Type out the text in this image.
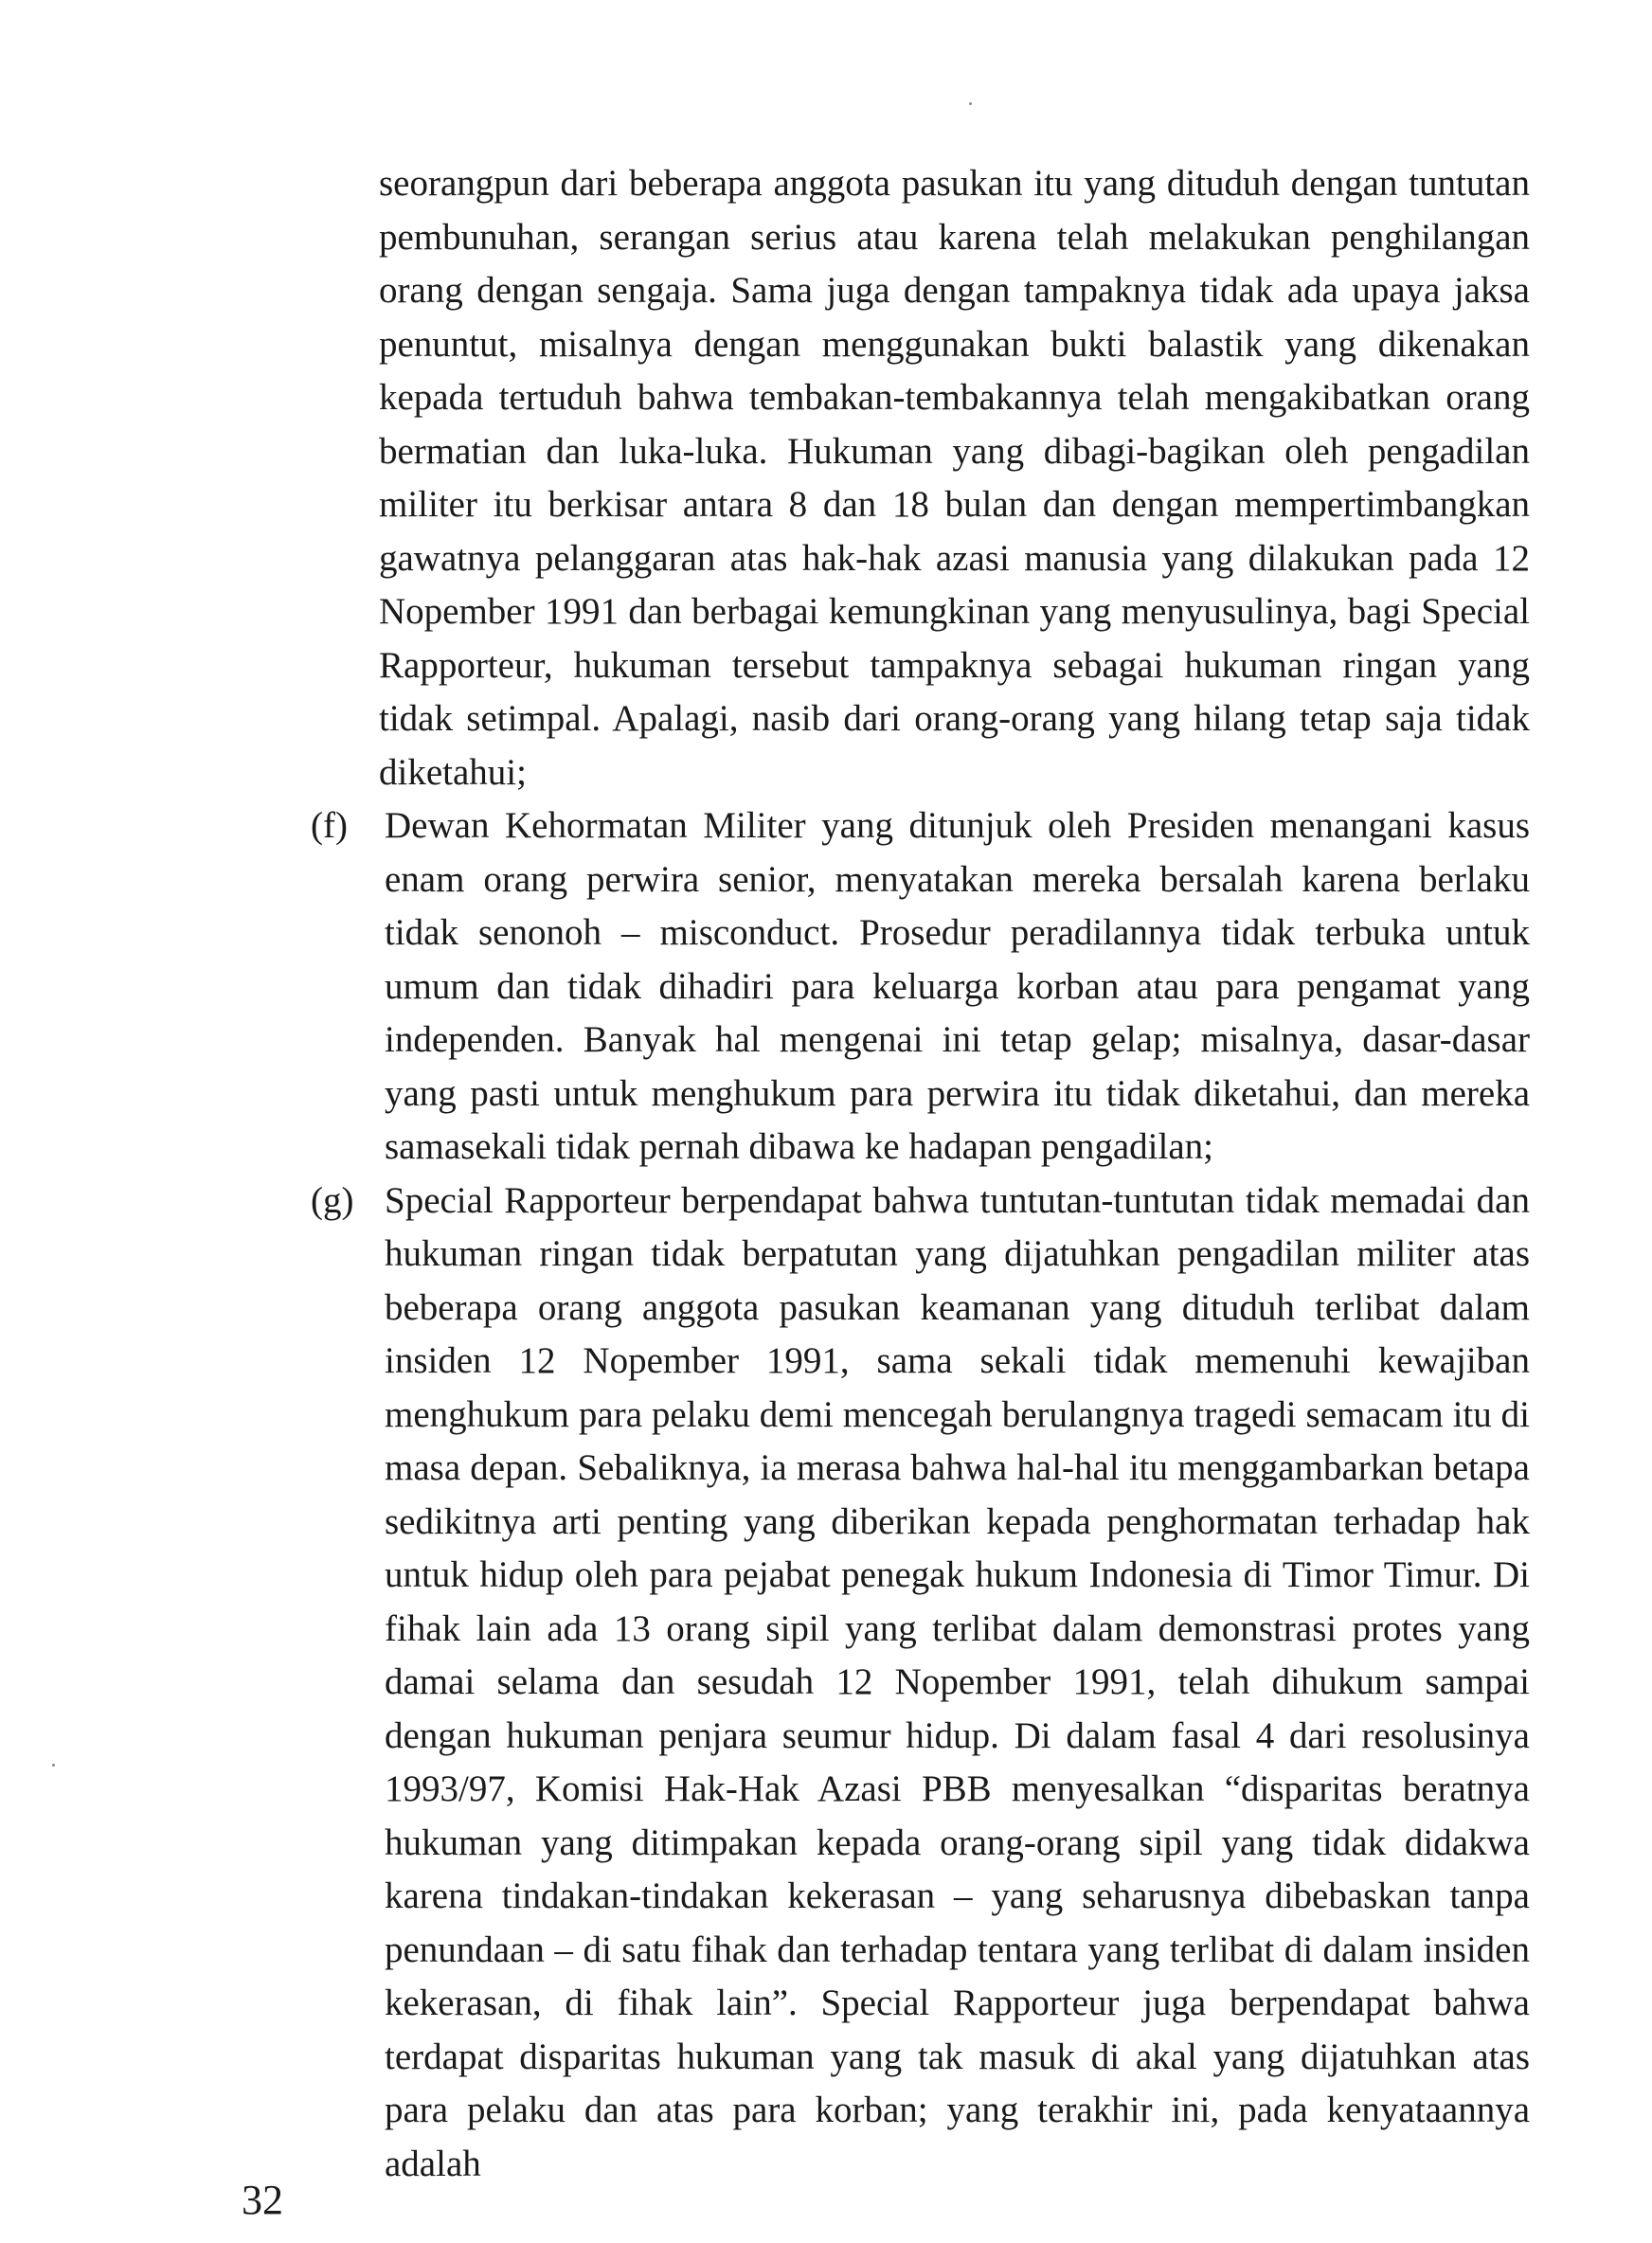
seorangpun dari beberapa anggota pasukan itu yang dituduh dengan tuntutan pembunuhan, serangan serius atau karena telah melakukan penghilangan orang dengan sengaja. Sama juga dengan tampaknya tidak ada upaya jaksa penuntut, misalnya dengan menggunakan bukti balastik yang dikenakan kepada tertuduh bahwa tembakan-tembakannya telah mengakibatkan orang bermatian dan luka-luka. Hukuman yang dibagi-bagikan oleh pengadilan militer itu berkisar antara 8 dan 18 bulan dan dengan mempertimbangkan gawatnya pelanggaran atas hak-hak azasi manusia yang dilakukan pada 12 Nopember 1991 dan berbagai kemungkinan yang menyusulinya, bagi Special Rapporteur, hukuman tersebut tampaknya sebagai hukuman ringan yang tidak setimpal. Apalagi, nasib dari orang-orang yang hilang tetap saja tidak diketahui;

(f)	Dewan Kehormatan Militer yang ditunjuk oleh Presiden menangani kasus enam orang perwira senior, menyatakan mereka bersalah karena berlaku tidak senonoh – misconduct. Prosedur peradilannya tidak terbuka untuk umum dan tidak dihadiri para keluarga korban atau para pengamat yang independen. Banyak hal mengenai ini tetap gelap; misalnya, dasar-dasar yang pasti untuk menghukum para perwira itu tidak diketahui, dan mereka samasekali tidak pernah dibawa ke hadapan pengadilan;

(g) Special Rapporteur berpendapat bahwa tuntutan-tuntutan tidak memadai dan hukuman ringan tidak berpatutan yang dijatuhkan pengadilan militer atas beberapa orang anggota pasukan keamanan yang dituduh terlibat dalam insiden 12 Nopember 1991, sama sekali tidak memenuhi kewajiban menghukum para pelaku demi mencegah berulangnya tragedi semacam itu di masa depan. Sebaliknya, ia merasa bahwa hal-hal itu menggambarkan betapa sedikitnya arti penting yang diberikan kepada penghormatan terhadap hak untuk hidup oleh para pejabat penegak hukum Indonesia di Timor Timur. Di fihak lain ada 13 orang sipil yang terlibat dalam demonstrasi protes yang damai selama dan sesudah 12 Nopember 1991, telah dihukum sampai dengan hukuman penjara seumur hidup. Di dalam fasal 4 dari resolusinya 1993/97, Komisi Hak-Hak Azasi PBB menyesalkan “disparitas beratnya hukuman yang ditimpakan kepada orang-orang sipil yang tidak didakwa karena tindakan-tindakan kekerasan – yang seharusnya dibebaskan tanpa penundaan – di satu fihak dan terhadap tentara yang terlibat di dalam insiden kekerasan, di fihak lain”. Special Rapporteur juga berpendapat bahwa terdapat disparitas hukuman yang tak masuk di akal yang dijatuhkan atas para pelaku dan atas para korban; yang terakhir ini, pada kenyataannya adalah

32
